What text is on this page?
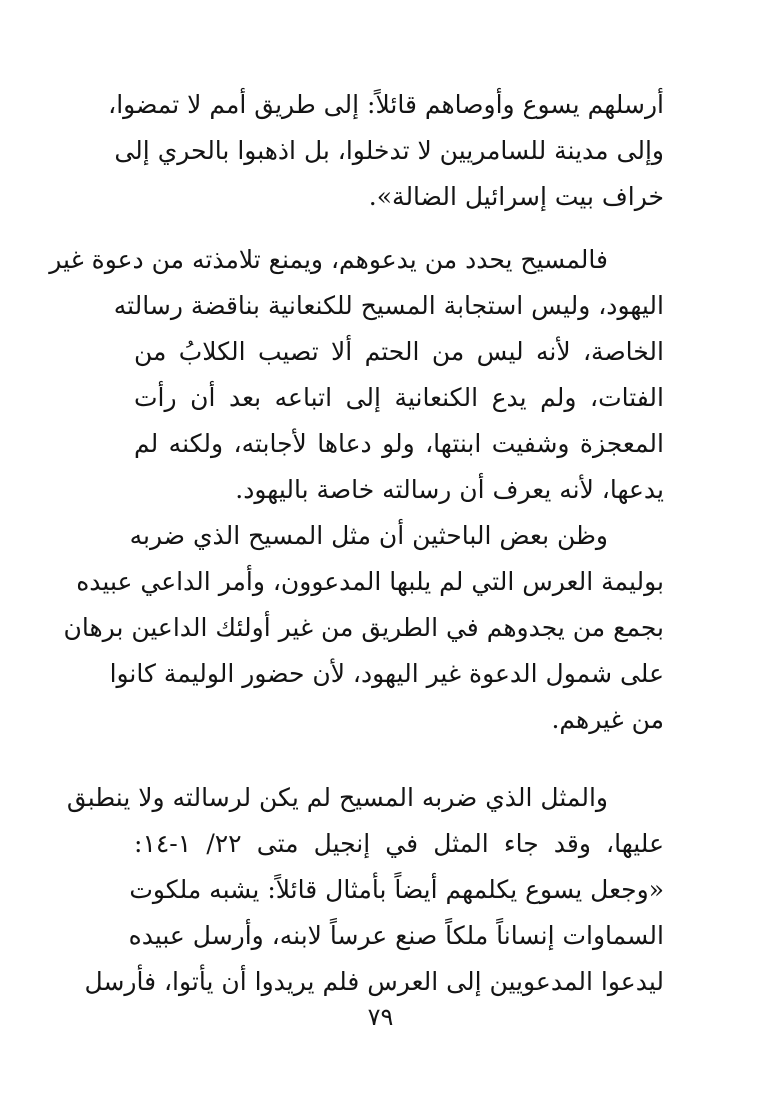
أرسلهم يسوع وأوصاهم قائلاً: إلى طريق أمم لا تمضوا،
وإلى مدينة للسامريين لا تدخلوا، بل اذهبوا بالحري إلى
خراف بيت إسرائيل الضالة».
فالمسيح يحدد من يدعوهم، ويمنع تلامذته من دعوة غير
اليهود، وليس استجابة المسيح للكنعانية بناقضة رسالته
الخاصة، لأنه ليس من الحتم ألا تصيب الكلابُ من
الفتات، ولم يدع الكنعانية إلى اتباعه بعد أن رأت
المعجزة وشفيت ابنتها، ولو دعاها لأجابته، ولكنه لم
يدعها، لأنه يعرف أن رسالته خاصة باليهود.
وظن بعض الباحثين أن مثل المسيح الذي ضربه
بوليمة العرس التي لم يلبها المدعوون، وأمر الداعي عبيده
بجمع من يجدوهم في الطريق من غير أولئك الداعين برهان
على شمول الدعوة غير اليهود، لأن حضور الوليمة كانوا
من غيرهم.
والمثل الذي ضربه المسيح لم يكن لرسالته ولا ينطبق
عليها، وقد جاء المثل في إنجيل متى ٢٢/ ١-١٤:
«وجعل يسوع يكلمهم أيضاً بأمثال قائلاً: يشبه ملكوت
السماوات إنساناً ملكاً صنع عرساً لابنه، وأرسل عبيده
ليدعوا المدعويين إلى العرس فلم يريدوا أن يأتوا، فأرسل
٧٩
